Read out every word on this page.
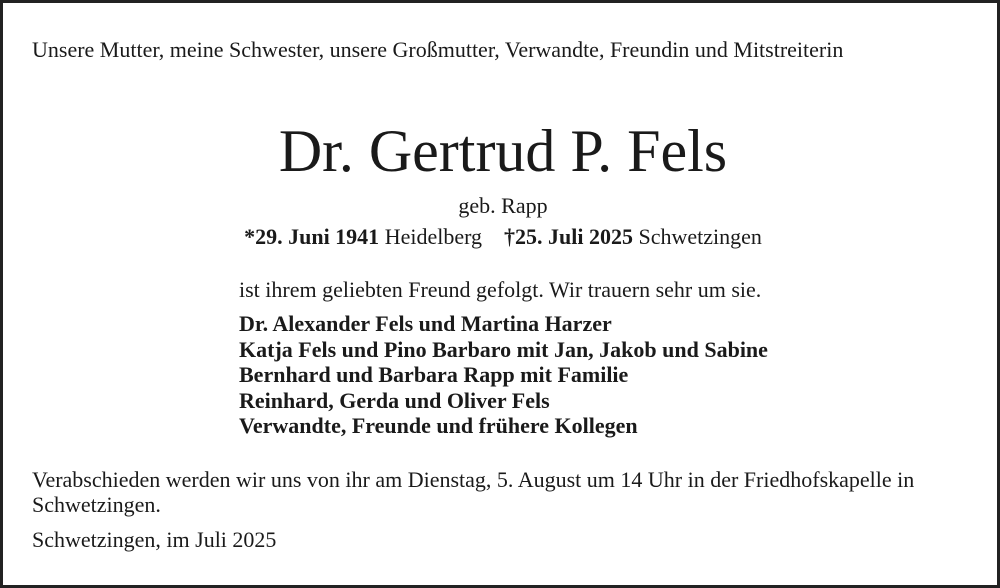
Unsere Mutter, meine Schwester, unsere Großmutter, Verwandte, Freundin und Mitstreiterin
Dr. Gertrud P. Fels
geb. Rapp
*29. Juni 1941 Heidelberg †25. Juli 2025 Schwetzingen
ist ihrem geliebten Freund gefolgt. Wir trauern sehr um sie.
Dr. Alexander Fels und Martina Harzer
Katja Fels und Pino Barbaro mit Jan, Jakob und Sabine
Bernhard und Barbara Rapp mit Familie
Reinhard, Gerda und Oliver Fels
Verwandte, Freunde und frühere Kollegen
Verabschieden werden wir uns von ihr am Dienstag, 5. August um 14 Uhr in der Friedhofskapelle in Schwetzingen.
Schwetzingen, im Juli 2025
